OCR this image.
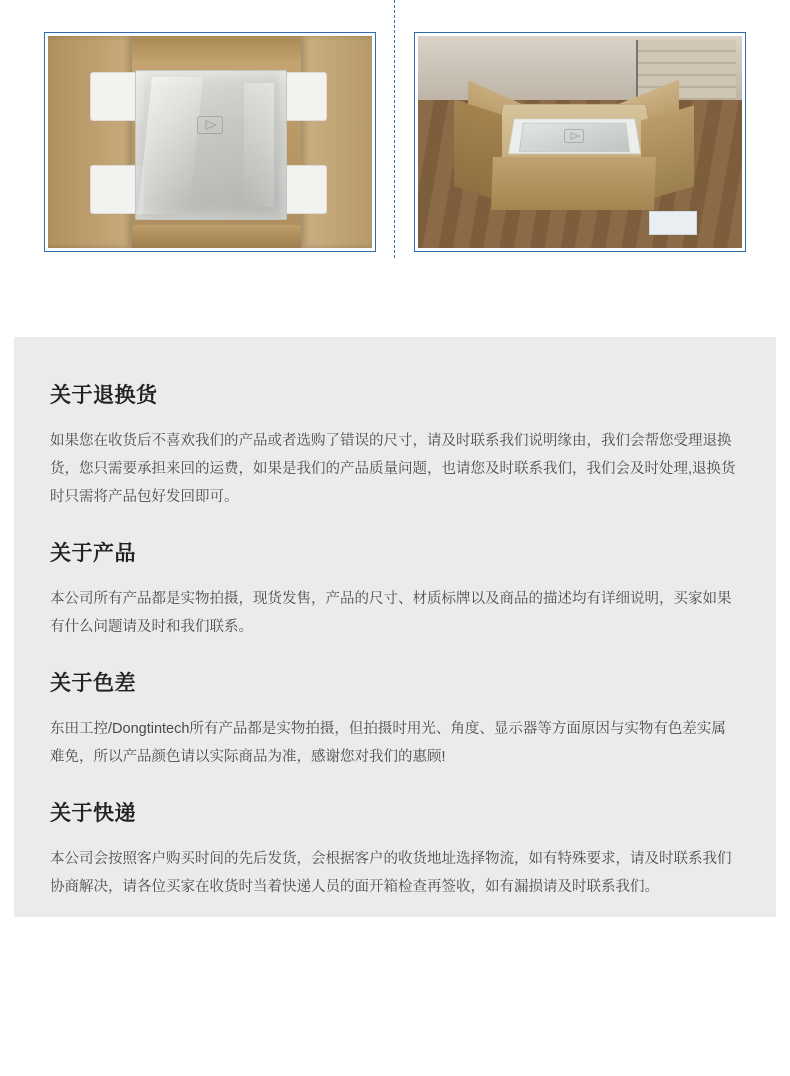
关于退换货

如果您在收货后不喜欢我们的产品或者选购了错误的尺寸，请及时联系我们说明缘由，我们会帮您受理退换货，您只需要承担来回的运费，如果是我们的产品质量问题，也请您及时联系我们，我们会及时处理,退换货时只需将产品包好发回即可。

关于产品

本公司所有产品都是实物拍摄，现货发售，产品的尺寸、材质标牌以及商品的描述均有详细说明，买家如果有什么问题请及时和我们联系。

关于色差

东田工控/Dongtintech所有产品都是实物拍摄，但拍摄时用光、角度、显示器等方面原因与实物有色差实属难免，所以产品颜色请以实际商品为准，感谢您对我们的惠顾!

关于快递

本公司会按照客户购买时间的先后发货，会根据客户的收货地址选择物流，如有特殊要求，请及时联系我们协商解决，请各位买家在收货时当着快递人员的面开箱检查再签收，如有漏损请及时联系我们。
